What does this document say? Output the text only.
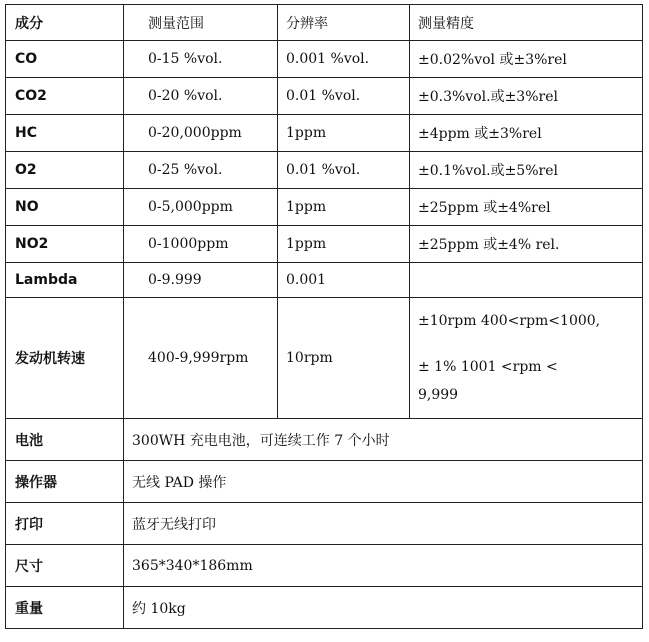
成分	测量范围	分辨率	测量精度
CO	0-15 %vol.	0.001 %vol.	±0.02%vol 或±3%rel
CO2	0-20 %vol.	0.01 %vol.	±0.3%vol.或±3%rel
HC	0-20,000ppm	1ppm	±4ppm 或±3%rel
O2	0-25 %vol.	0.01 %vol.	±0.1%vol.或±5%rel
NO	0-5,000ppm	1ppm	±25ppm 或±4%rel
NO2	0-1000ppm	1ppm	±25ppm 或±4% rel.
Lambda	0-9.999	0.001	
发动机转速	400-9,999rpm	10rpm	±10rpm 400<rpm<1000,
± 1% 1001 <rpm <
9,999

电池	300WH 充电电池，可连续工作 7 个小时		
操作器	无线 PAD 操作		
打印	蓝牙无线打印		
尺寸	365*340*186mm		
重量	约 10kg		
